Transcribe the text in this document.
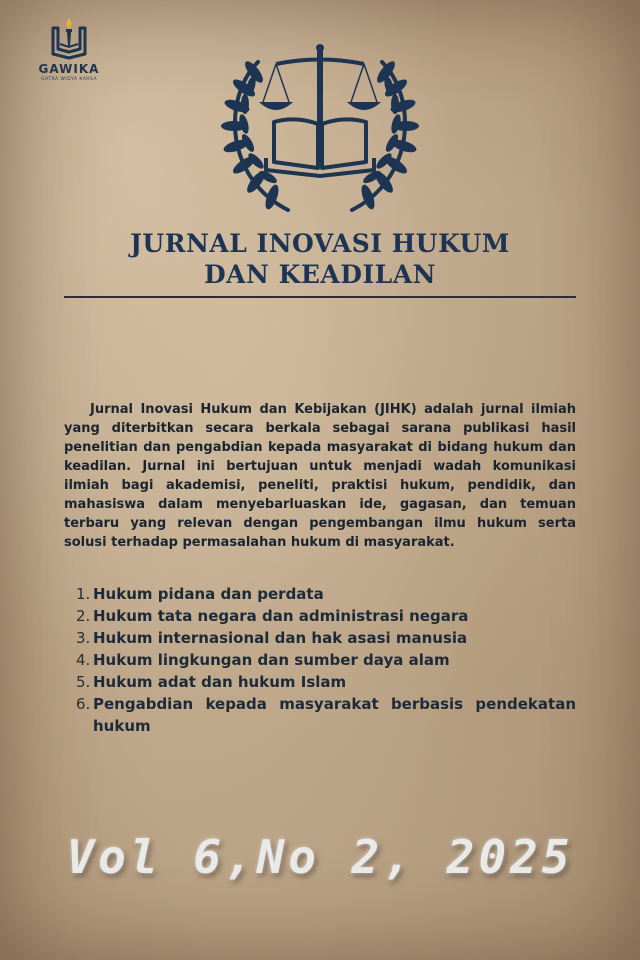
GAWIKA
GATRA WIDYA KARSA
JURNAL INOVASI HUKUM
DAN KEADILAN

Jurnal Inovasi Hukum dan Kebijakan (JIHK) adalah jurnal ilmiah yang diterbitkan secara berkala sebagai sarana publikasi hasil penelitian dan pengabdian kepada masyarakat di bidang hukum dan keadilan. Jurnal ini bertujuan untuk menjadi wadah komunikasi ilmiah bagi akademisi, peneliti, praktisi hukum, pendidik, dan mahasiswa dalam menyebarluaskan ide, gagasan, dan temuan terbaru yang relevan dengan pengembangan ilmu hukum serta solusi terhadap permasalahan hukum di masyarakat.

1. Hukum pidana dan perdata
2. Hukum tata negara dan administrasi negara
3. Hukum internasional dan hak asasi manusia
4. Hukum lingkungan dan sumber daya alam
5. Hukum adat dan hukum Islam
6. Pengabdian kepada masyarakat berbasis pendekatan hukum
Vol 6,No 2, 2025
